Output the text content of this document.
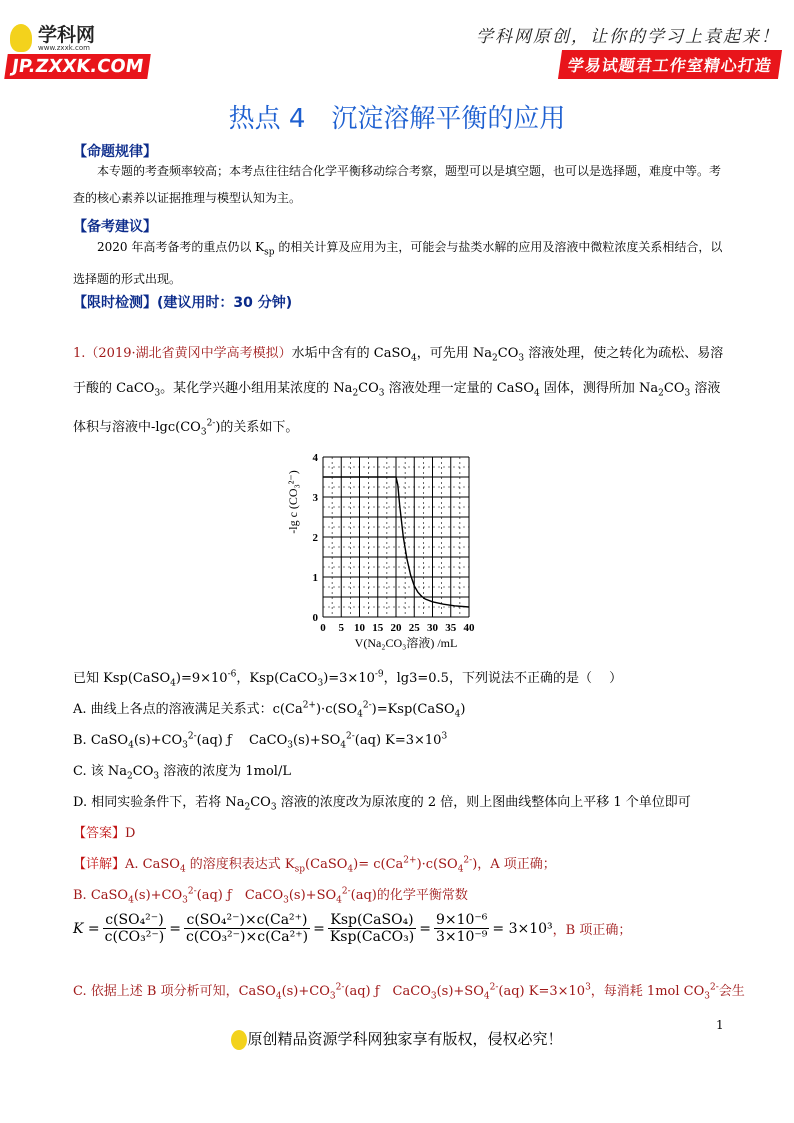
学科网
www.zxxk.com
JP.ZXXK.COM
学科网原创，让你的学习上袁起来！
学易试题君工作室精心打造
热点 4　沉淀溶解平衡的应用
【命题规律】
本专题的考查频率较高；本考点往往结合化学平衡移动综合考察，题型可以是填空题，也可以是选择题，难度中等。考查的核心素养以证据推理与模型认知为主。
【备考建议】
2020 年高考备考的重点仍以 $K_{sp}$ 的相关计算及应用为主，可能会与盐类水解的应用及溶液中微粒浓度关系相结合，以选择题的形式出现。
【限时检测】(建议用时：30 分钟)
1.（2019·湖北省黄冈中学高考模拟）水垢中含有的 CaSO$_4$，可先用 $Na_2CO_3$ 溶液处理，使之转化为疏松、易溶于酸的 CaCO$_3$。某化学兴趣小组用某浓度的 $Na_2CO_3$ 溶液处理一定量的 CaSO$_4$ 固体，测得所加 $Na_2CO_3$ 溶液体积与溶液中$-\lg c(CO_3^{2-})$的关系如下。
0 5 10 15 20 25 30 35 40
0
1
2
3
4
V(Na₂CO₃溶液) /mL
-lg c (CO₃²⁻)
已知 $Ksp(CaSO_4)=9\times 10^{-6}$，$Ksp(CaCO_3)=3\times 10^{-9}$，lg3=0.5，下列说法不正确的是（　 ）
A. 曲线上各点的溶液满足关系式：$c(Ca^{2+})\cdot c(SO_4^{2-})=Ksp(CaSO_4)$
B. $CaSO_4(s)+CO_3^{2-}(aq)$ ƒ　 $CaCO_3(s)+SO_4^{2-}(aq)$ $K=3\times 10^3$
C. 该 $Na_2CO_3$ 溶液的浓度为 1mol/L
D. 相同实验条件下，若将 $Na_2CO_3$ 溶液的浓度改为原浓度的 2 倍，则上图曲线整体向上平移 1 个单位即可
【答案】D
【详解】A. CaSO$_4$ 的溶度积表达式 $K_{sp}(CaSO_4)= c(Ca^{2+})\cdot c(SO_4^{2-})$，A 项正确；
B. $CaSO_4(s)+CO_3^{2-}(aq)$ ƒ　$CaCO_3(s)+SO_4^{2-}(aq)$的化学平衡常数
$K = \frac{\text{c(SO₄²⁻)}}{\text{c(CO₃²⁻)}} = \frac{\text{c(SO₄²⁻)×c(Ca²⁺)}}{\text{c(CO₃²⁻)×c(Ca²⁺)}} = \frac{\text{Ksp(CaSO₄)}}{\text{Ksp(CaCO₃)}} = \frac{\text{9×10⁻⁶}}{\text{3×10⁻⁹}} = 3\times 10^3$ ，B 项正确；
C. 依据上述 B 项分析可知，$CaSO_4(s)+CO_3^{2-}(aq)$ ƒ　$CaCO_3(s)+SO_4^{2-}(aq)$ $K=3\times 10^3$，每消耗 1mol $CO_3^{2-}$会生
原创精品资源学科网独家享有版权，侵权必究！
1
